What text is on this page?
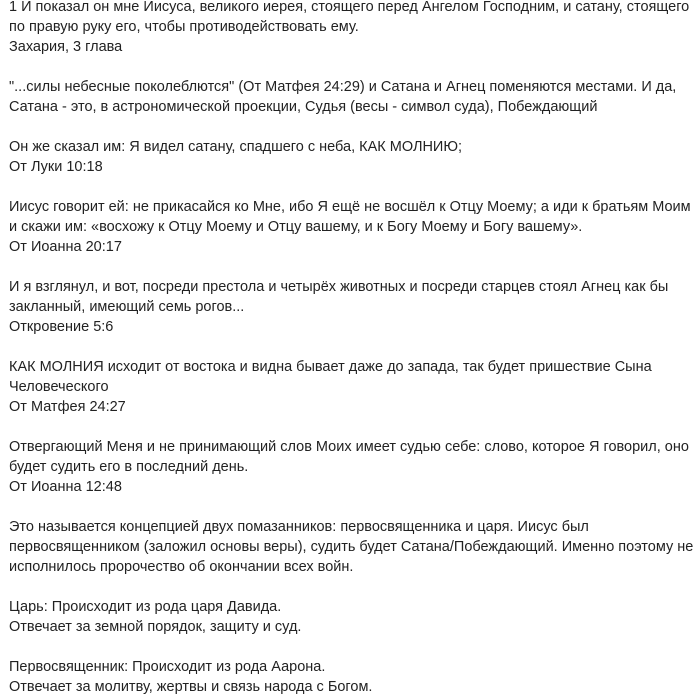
1 И показал он мне Иисуса, великого иерея, стоящего перед Ангелом Господним, и сатану, стоящего
по правую руку его, чтобы противодействовать ему.
Захария, 3 глава
"...силы небесные поколеблются" (От Матфея 24:29) и Сатана и Агнец поменяются местами. И да,
Сатана - это, в астрономической проекции, Судья (весы - символ суда), Побеждающий
Он же сказал им: Я видел сатану, спадшего с неба, КАК МОЛНИЮ;
От Луки 10:18
Иисус говорит ей: не прикасайся ко Мне, ибо Я ещё не восшёл к Отцу Моему; а иди к братьям Моим
и скажи им: «восхожу к Отцу Моему и Отцу вашему, и к Богу Моему и Богу вашему».
От Иоанна 20:17
И я взглянул, и вот, посреди престола и четырёх животных и посреди старцев стоял Агнец как бы
закланный, имеющий семь рогов...
Откровение 5:6
КАК МОЛНИЯ исходит от востока и видна бывает даже до запада, так будет пришествие Сына
Человеческого
От Матфея 24:27
Отвергающий Меня и не принимающий слов Моих имеет судью себе: слово, которое Я говорил, оно
будет судить его в последний день.
От Иоанна 12:48
Это называется концепцией двух помазанников: первосвященника и царя. Иисус был
первосвященником (заложил основы веры), судить будет Сатана/Побеждающий. Именно поэтому не
исполнилось пророчество об окончании всех войн.
Царь: Происходит из рода царя Давида.
Отвечает за земной порядок, защиту и суд.
Первосвященник: Происходит из рода Аарона.
Отвечает за молитву, жертвы и связь народа с Богом.
